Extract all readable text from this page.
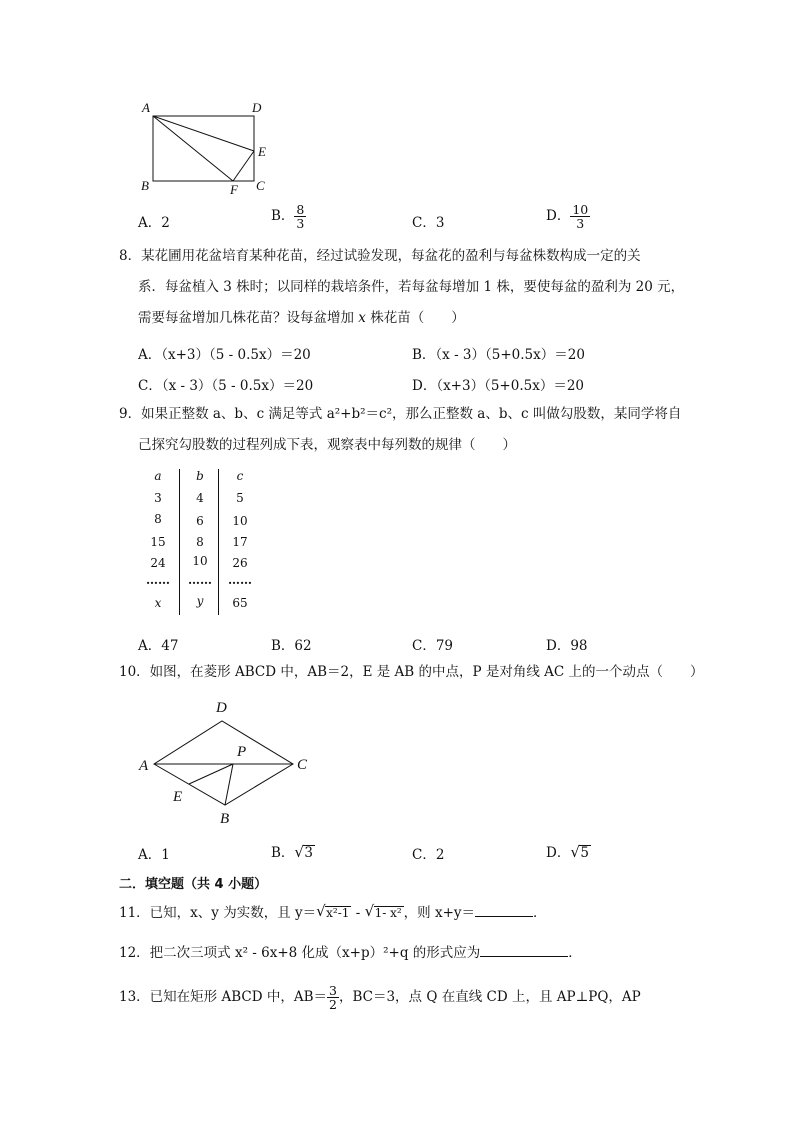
A	D
E
B	F C
A．2	B． $\frac{8}{3}$	C．3	D． $\frac{10}{3}$
8．某花圃用花盆培育某种花苗，经过试验发现，每盆花的盈利与每盆株数构成一定的关
系．每盆植入 3 株时；以同样的栽培条件，若每盆每增加 1 株，要使每盆的盈利为 20 元，
需要每盆增加几株花苗？设每盆增加 x 株花苗（　　）
A．（x+3）（5 - 0.5x）＝20	B．（x - 3）（5+0.5x）＝20
C．（x - 3）（5 - 0.5x）＝20	D．（x+3）（5+0.5x）＝20
9．如果正整数 a、b、c 满足等式 a²+b²＝c²，那么正整数 a、b、c 叫做勾股数，某同学将自
己探究勾股数的过程列成下表，观察表中每列数的规律（　　）
a	b	c
3	4	5
8	6	10
15	8	17
24	10	26
……	……	……
x	y	65
A．47	B．62	C．79	D．98
10．如图，在菱形 ABCD 中，AB＝2，E 是 AB 的中点，P 是对角线 AC 上的一个动点（　　）
D
P
A	C
E
B
A．1	B． √ 3	C．2	D． √ 5
二．填空题（共 4 小题）
11．已知，x、y 为实数，且 y＝ √ x²-1 - √ 1- x² ，则 x+y＝	．
12．把二次三项式 x² - 6x+8 化成（x+p）²+q 的形式应为	．
13．已知在矩形 ABCD 中，$AB= \frac{3}{2}$ ，BC＝3，点 Q 在直线 CD 上，且 AP⊥PQ，AP
